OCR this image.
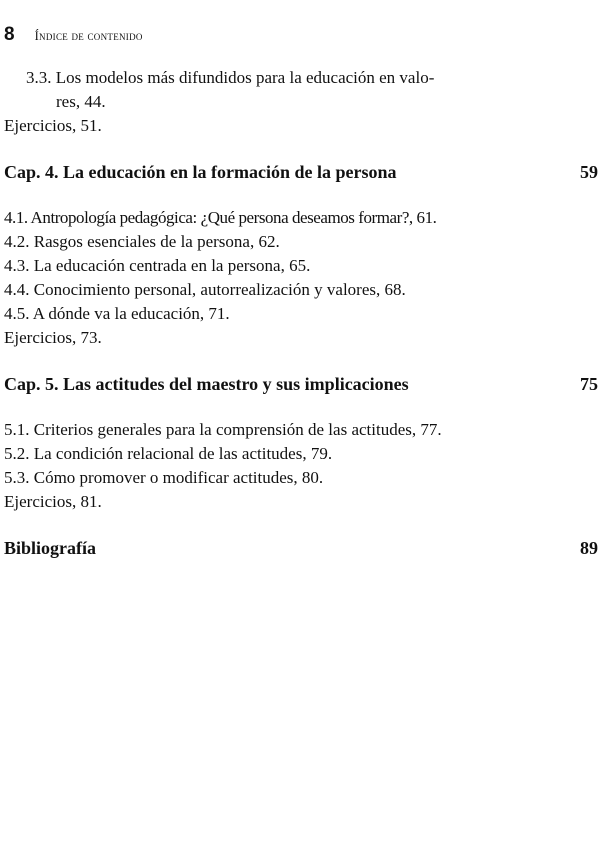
8 índice de contenido
3.3. Los modelos más difundidos para la educación en valo-
res, 44.
Ejercicios, 51.
Cap. 4. La educación en la formación de la persona	59
4.1. Antropología pedagógica: ¿Qué persona deseamos formar?, 61.
4.2. Rasgos esenciales de la persona, 62.
4.3. La educación centrada en la persona, 65.
4.4. Conocimiento personal, autorrealización y valores, 68.
4.5. A dónde va la educación, 71.
Ejercicios, 73.
Cap. 5. Las actitudes del maestro y sus implicaciones	75
5.1. Criterios generales para la comprensión de las actitudes, 77.
5.2. La condición relacional de las actitudes, 79.
5.3. Cómo promover o modificar actitudes, 80.
Ejercicios, 81.
Bibliografía	89
